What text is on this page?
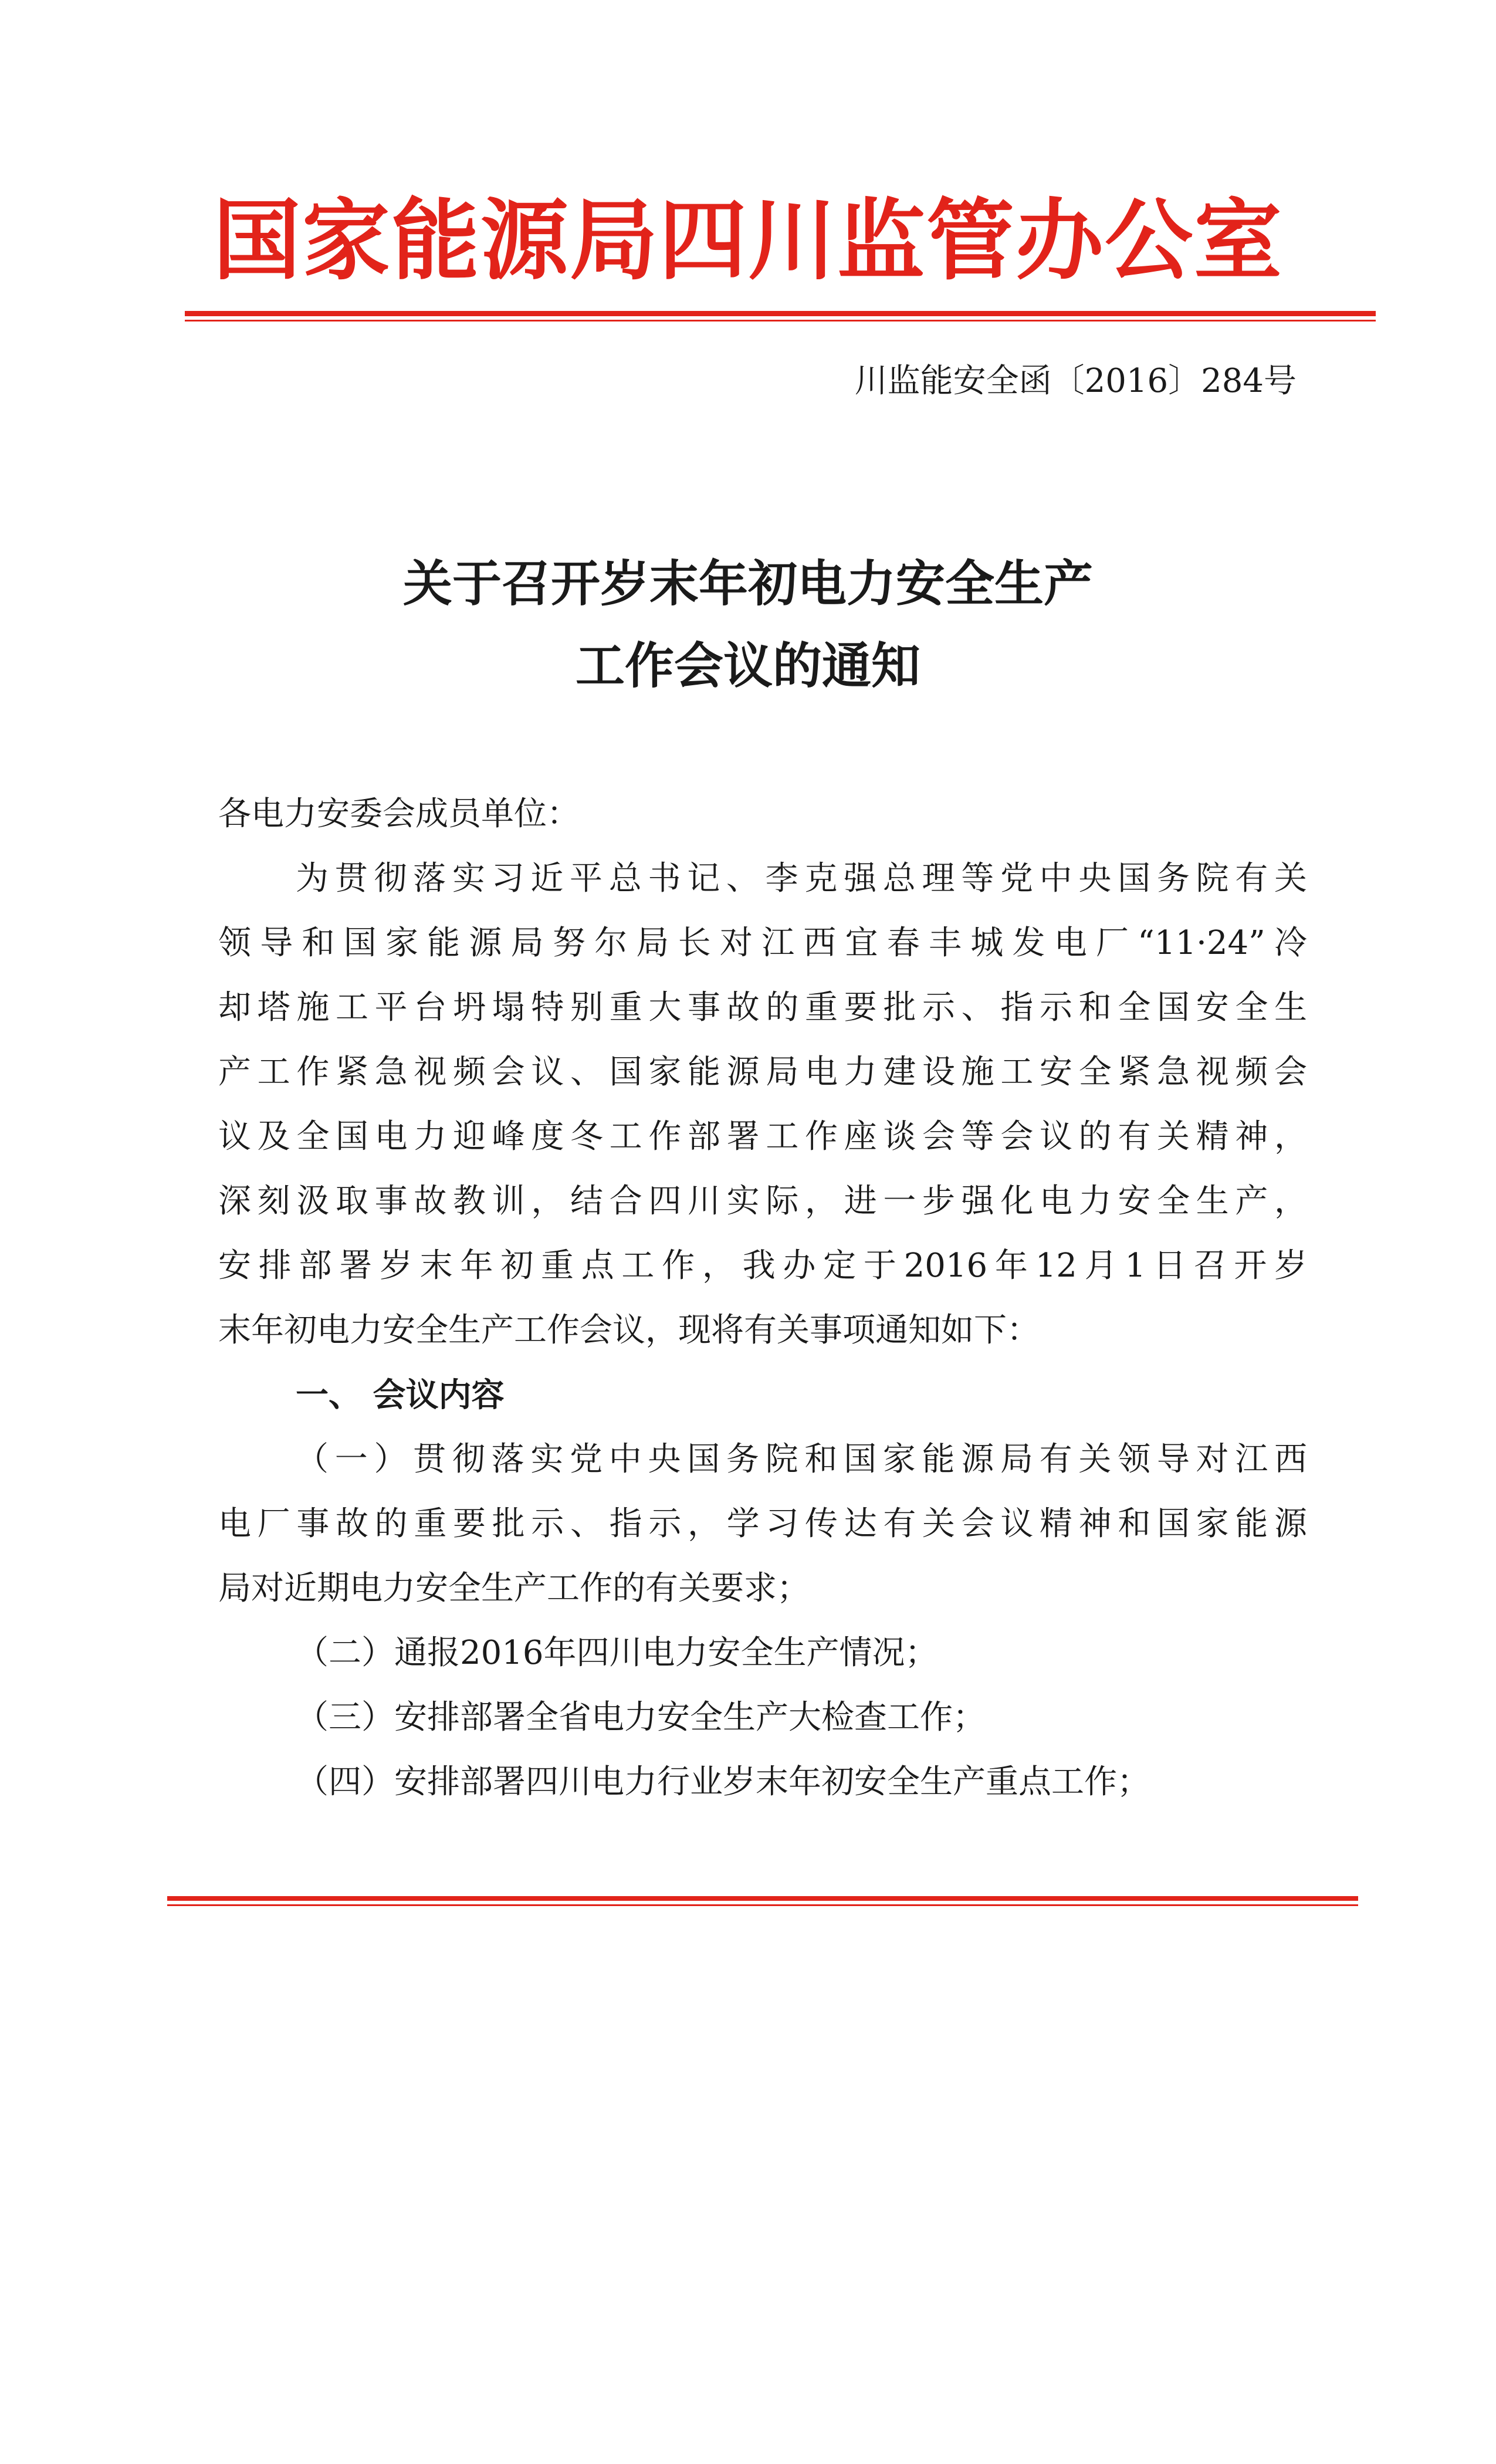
国家能源局四川监管办公室
川监能安全函〔2016〕284号
关于召开岁末年初电力安全生产
工作会议的通知
各电力安委会成员单位：
为贯彻落实习近平总书记、李克强总理等党中央国务院有关
领导和国家能源局努尔局长对江西宜春丰城发电厂“11·24”冷
却塔施工平台坍塌特别重大事故的重要批示、指示和全国安全生
产工作紧急视频会议、国家能源局电力建设施工安全紧急视频会
议及全国电力迎峰度冬工作部署工作座谈会等会议的有关精神，
深刻汲取事故教训，结合四川实际，进一步强化电力安全生产，
安排部署岁末年初重点工作，我办定于2016年12月1日召开岁
末年初电力安全生产工作会议，现将有关事项通知如下：
一、 会议内容
（一）贯彻落实党中央国务院和国家能源局有关领导对江西
电厂事故的重要批示、指示，学习传达有关会议精神和国家能源
局对近期电力安全生产工作的有关要求；
（二）通报2016年四川电力安全生产情况；
（三）安排部署全省电力安全生产大检查工作；
（四）安排部署四川电力行业岁末年初安全生产重点工作；
